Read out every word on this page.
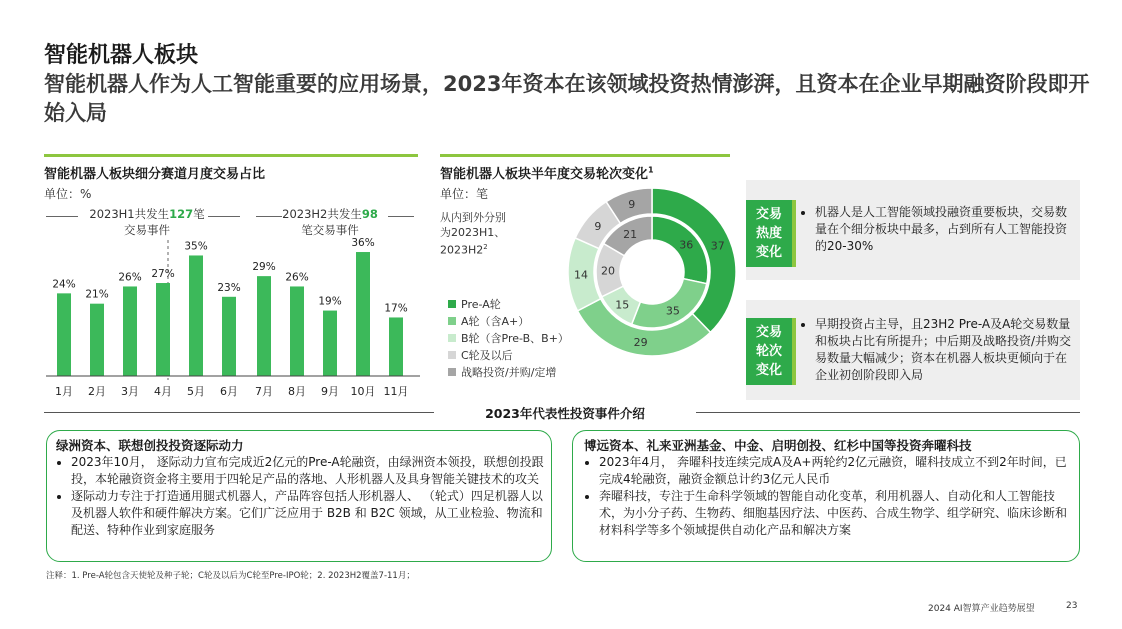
智能机器人板块
智能机器人作为人工智能重要的应用场景，2023年资本在该领域投资热情澎湃，且资本在企业早期融资阶段即开始入局
智能机器人板块细分赛道月度交易占比
单位：%
2023H1共发生127笔
交易事件
2023H2共发生98
笔交易事件
24%
1月
21%
2月
26%
3月
27%
4月
35%
5月
23%
6月
29%
7月
26%
8月
19%
9月
36%
10月
17%
11月
智能机器人板块半年度交易轮次变化$^1$
单位：笔
从内到外分别
为2023H1、
$2023H2^2$
Pre-A轮
A轮（含A+）
B轮（含Pre-B、B+）
C轮及以后
战略投资/并购/定增
36
35
15
20
21
37
29
14
9
9
交易
热度
变化
• 机器人是人工智能领域投融资重要板块，交易数量在个细分板块中最多，占到所有人工智能投资的20-30%
交易
轮次
变化
• 早期投资占主导，且23H2 Pre-A及A轮交易数量和板块占比有所提升；中后期及战略投资/并购交易数量大幅减少；资本在机器人板块更倾向于在企业初创阶段即入局
2023年代表性投资事件介绍
绿洲资本、联想创投投资逐际动力
• 2023年10月， 逐际动力宣布完成近2亿元的Pre-A轮融资，由绿洲资本领投，联想创投跟投，本轮融资资金将主要用于四轮足产品的落地、人形机器人及具身智能关键技术的攻关
• 逐际动力专注于打造通用腿式机器人，产品阵容包括人形机器人、 （轮式）四足机器人以及机器人软件和硬件解决方案。它们广泛应用于 B2B 和 B2C 领域，从工业检验、物流和配送、特种作业到家庭服务
博远资本、礼来亚洲基金、中金、启明创投、红杉中国等投资奔曜科技
• 2023年4月， 奔曜科技连续完成A及A+两轮约2亿元融资，曜科技成立不到2年时间，已完成4轮融资，融资金额总计约3亿元人民币
• 奔曜科技，专注于生命科学领域的智能自动化变革，利用机器人、自动化和人工智能技术，为小分子药、生物药、细胞基因疗法、中医药、合成生物学、组学研究、临床诊断和材料科学等多个领域提供自动化产品和解决方案
注释：1. Pre-A轮包含天使轮及种子轮；C轮及以后为C轮至Pre-IPO轮；2. 2023H2覆盖7-11月；
2024 AI智算产业趋势展望	23
